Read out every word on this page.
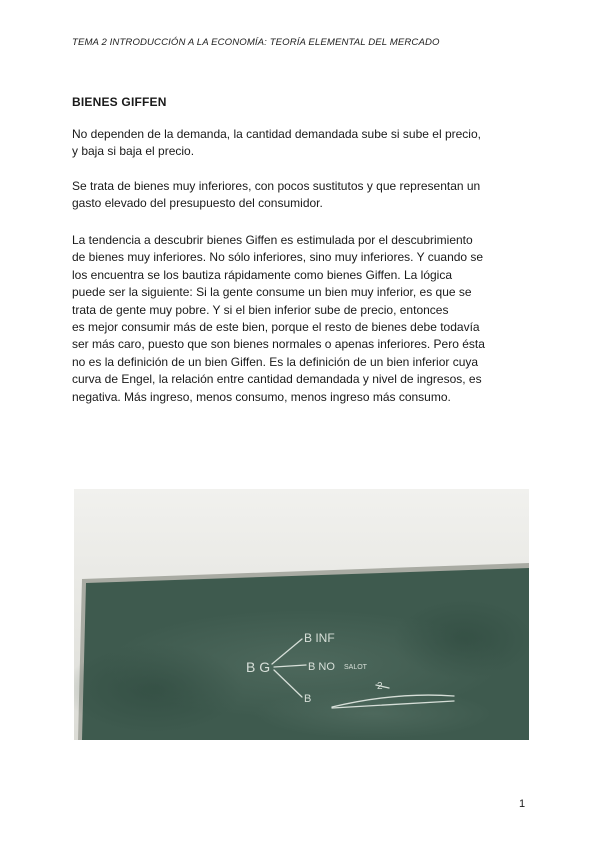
TEMA 2 INTRODUCCIÓN A LA ECONOMÍA: TEORÍA ELEMENTAL DEL MERCADO
BIENES GIFFEN

No dependen de la demanda, la cantidad demandada sube si sube el precio,
y baja si baja el precio.

Se trata de bienes muy inferiores, con pocos sustitutos y que representan un
gasto elevado del presupuesto del consumidor.

La tendencia a descubrir bienes Giffen es estimulada por el descubrimiento
de bienes muy inferiores. No sólo inferiores, sino muy inferiores. Y cuando se
los encuentra se los bautiza rápidamente como bienes Giffen. La lógica
puede ser la siguiente: Si la gente consume un bien muy inferior, es que se
trata de gente muy pobre. Y si el bien inferior sube de precio, entonces
es mejor consumir más de este bien, porque el resto de bienes debe todavía
ser más caro, puesto que son bienes normales o apenas inferiores. Pero ésta
no es la definición de un bien Giffen. Es la definición de un bien inferior cuya
curva de Engel, la relación entre cantidad demandada y nivel de ingresos, es
negativa. Más ingreso, menos consumo, menos ingreso más consumo.

B G
B INF
B NO SALOT
B
2
1
